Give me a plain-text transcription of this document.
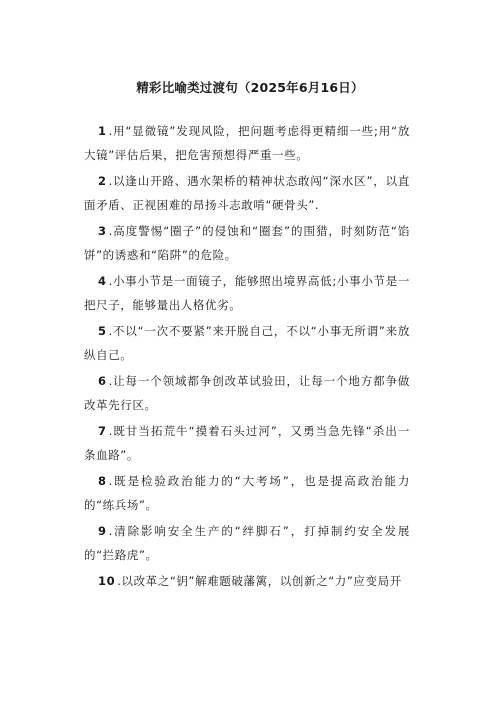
精彩比喻类过渡句（2025年6月16日）

1 .用“显微镜”发现风险，把问题考虑得更精细一些;用“放大镜”评估后果，把危害预想得严重一些。

2 .以逢山开路、遇水架桥的精神状态敢闯“深水区”，以直面矛盾、正视困难的昂扬斗志敢啃“硬骨头”.

3 .高度警惕“圈子”的侵蚀和“圈套”的围猎，时刻防范“馅饼”的诱惑和“陷阱”的危险。

4 .小事小节是一面镜子，能够照出境界高低;小事小节是一把尺子，能够量出人格优劣。

5 .不以“一次不要紧”来开脱自己，不以“小事无所谓”来放纵自己。

6 .让每一个领域都争创改革试验田，让每一个地方都争做改革先行区。

7 .既甘当拓荒牛“摸着石头过河”，又勇当急先锋“杀出一条血路”。

8 .既是检验政治能力的“大考场”，也是提高政治能力的“练兵场”。

9 .清除影响安全生产的“绊脚石”，打掉制约安全发展的“拦路虎”。

10 .以改革之“钥”解难题破藩篱，以创新之“力”应变局开
